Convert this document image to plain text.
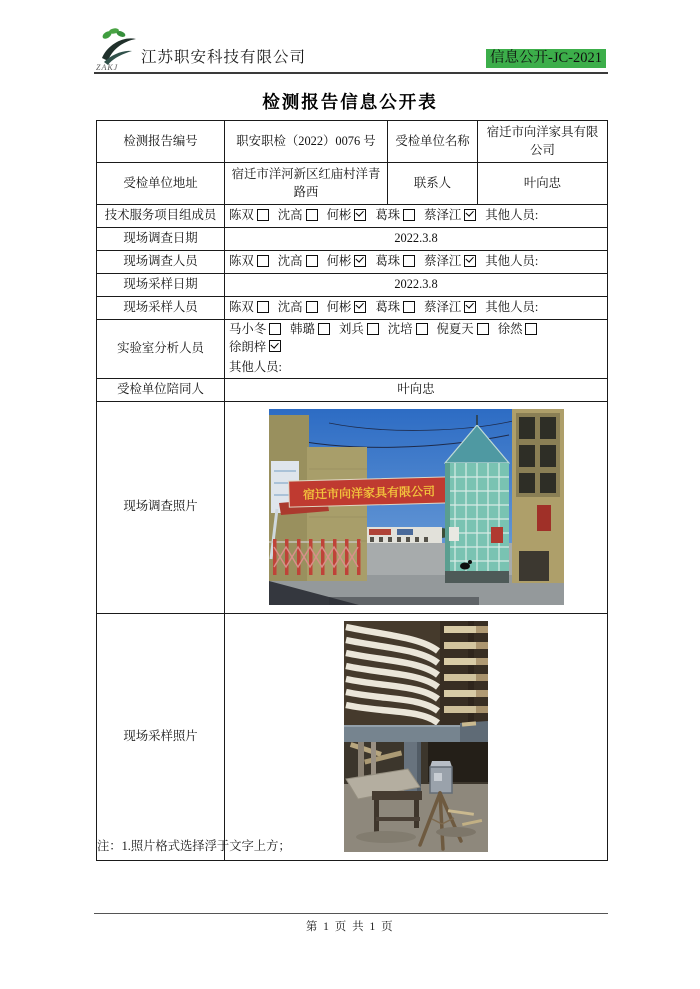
ZAKJ
江苏职安科技有限公司	信息公开-JC-2021
检测报告信息公开表
检测报告编号	职安职检（2022）0076 号	受检单位名称	宿迁市向洋家具有限公司
受检单位地址	宿迁市洋河新区红庙村洋青路西	联系人	叶向忠
技术服务项目组成员	陈双 沈高 何彬 葛珠 蔡泽江 其他人员:		
现场调查日期	2022.3.8		
现场调查人员	陈双 沈高 何彬 葛珠 蔡泽江 其他人员:		
现场采样日期	2022.3.8		
现场采样人员	陈双 沈高 何彬 葛珠 蔡泽江 其他人员:		
实验室分析人员	马小冬 韩璐 刘兵 沈培 倪夏天 徐然徐朗梓
其他人员:		

受检单位陪同人	叶向忠		
现场调查照片	宿迁市向洋家具有限公司		

现场采样照片	
注：1.照片格式选择浮于文字上方；
第 1 页 共 1 页
